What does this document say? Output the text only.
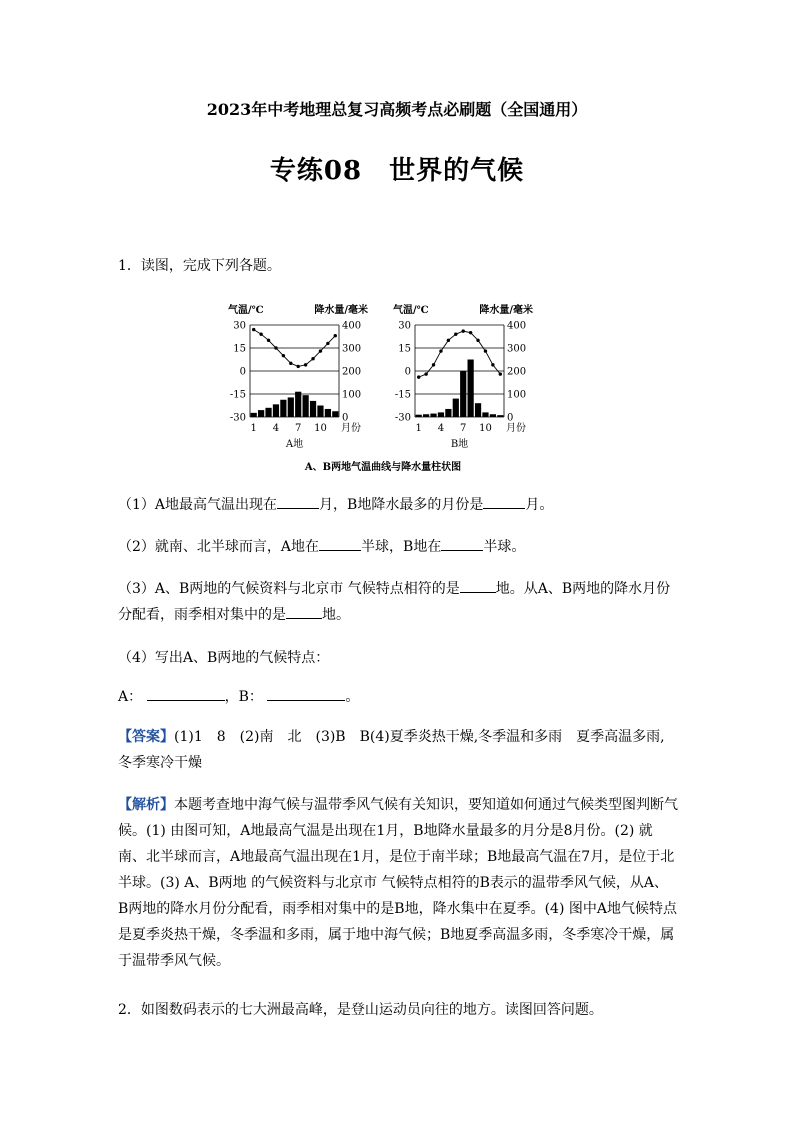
2023年中考地理总复习高频考点必刷题（全国通用）
专练08　世界的气候
1．读图，完成下列各题。
气温/℃	降水量/毫米
30	400
15	300
0	200
-15	100
-30	0
1 4 7 10 月份
A地
气温/℃	降水量/毫米
30	400
15	300
0	200
-15	100
-30	0
1 4 7 10 月份
B地
A、B两地气温曲线与降水量柱状图
（1）A地最高气温出现在	月，B地降水最多的月份是	月。
（2）就南、北半球而言，A地在	半球，B地在	半球。
（3）A、B两地的气候资料与北京市 气候特点相符的是	地。从A、B两地的降水月份
分配看，雨季相对集中的是	地。
（4）写出A、B两地的气候特点：
A：	，B：	。
【答案】(1)1　8　(2)南　北　(3)B　B(4)夏季炎热干燥,冬季温和多雨　夏季高温多雨,冬季寒冷干燥
【解析】本题考查地中海气候与温带季风气候有关知识，要知道如何通过气候类型图判断气候。(1) 由图可知，A地最高气温是出现在1月，B地降水量最多的月分是8月份。(2) 就南、北半球而言，A地最高气温出现在1月，是位于南半球；B地最高气温在7月，是位于北半球。(3) A、B两地 的气候资料与北京市 气候特点相符的B表示的温带季风气候，从A、B两地的降水月份分配看，雨季相对集中的是B地，降水集中在夏季。(4) 图中A地气候特点是夏季炎热干燥，冬季温和多雨，属于地中海气候；B地夏季高温多雨，冬季寒冷干燥，属于温带季风气候。
2．如图数码表示的七大洲最高峰，是登山运动员向往的地方。读图回答问题。
